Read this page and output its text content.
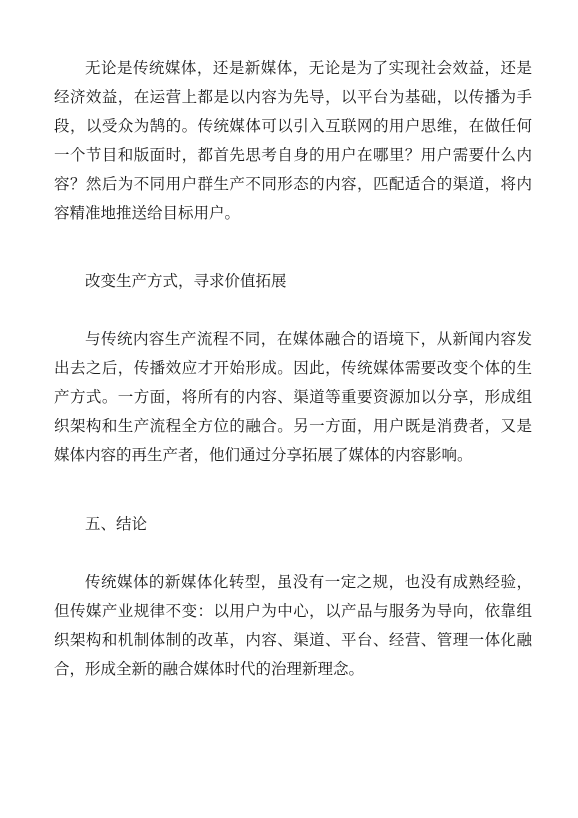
无论是传统媒体，还是新媒体，无论是为了实现社会效益，还是经济效益，在运营上都是以内容为先导，以平台为基础，以传播为手段，以受众为鹄的。传统媒体可以引入互联网的用户思维，在做任何一个节目和版面时，都首先思考自身的用户在哪里？用户需要什么内容？然后为不同用户群生产不同形态的内容，匹配适合的渠道，将内容精准地推送给目标用户。

改变生产方式，寻求价值拓展

与传统内容生产流程不同，在媒体融合的语境下，从新闻内容发出去之后，传播效应才开始形成。因此，传统媒体需要改变个体的生产方式。一方面，将所有的内容、渠道等重要资源加以分享，形成组织架构和生产流程全方位的融合。另一方面，用户既是消费者，又是媒体内容的再生产者，他们通过分享拓展了媒体的内容影响。

五、结论

传统媒体的新媒体化转型，虽没有一定之规，也没有成熟经验，但传媒产业规律不变：以用户为中心，以产品与服务为导向，依靠组织架构和机制体制的改革，内容、渠道、平台、经营、管理一体化融合，形成全新的融合媒体时代的治理新理念。
